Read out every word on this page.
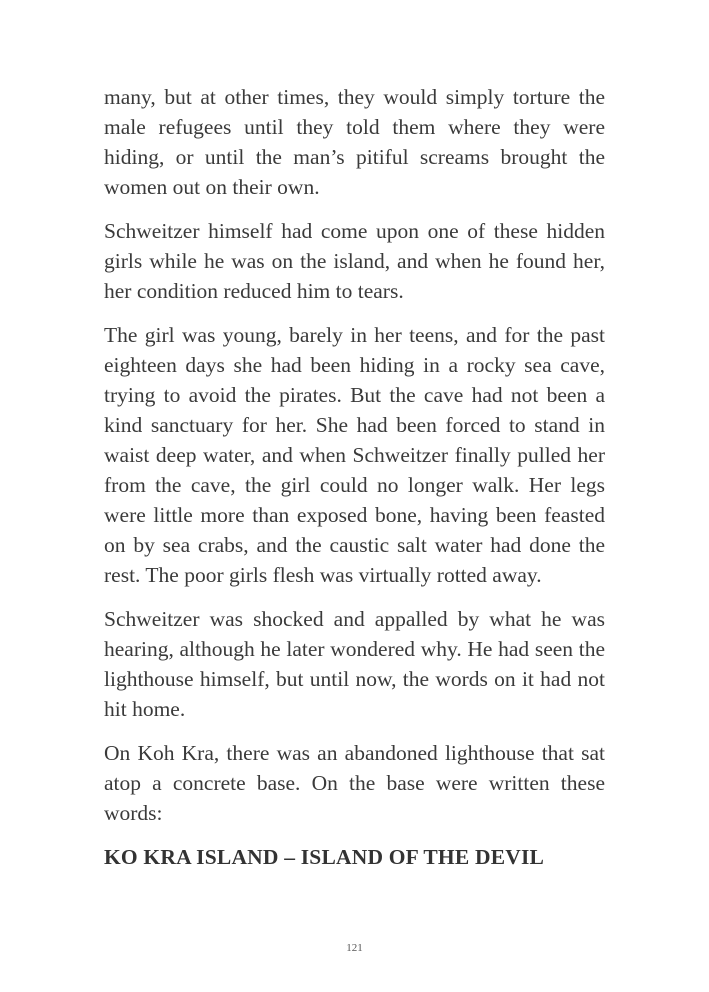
many, but at other times, they would simply torture the male refugees until they told them where they were hiding, or until the man’s pitiful screams brought the women out on their own.

Schweitzer himself had come upon one of these hidden girls while he was on the island, and when he found her, her condition reduced him to tears.

The girl was young, barely in her teens, and for the past eighteen days she had been hiding in a rocky sea cave, trying to avoid the pirates. But the cave had not been a kind sanctuary for her. She had been forced to stand in waist deep water, and when Schweitzer finally pulled her from the cave, the girl could no longer walk. Her legs were little more than exposed bone, having been feasted on by sea crabs, and the caustic salt water had done the rest. The poor girls flesh was virtually rotted away.

Schweitzer was shocked and appalled by what he was hearing, although he later wondered why. He had seen the lighthouse himself, but until now, the words on it had not hit home.

On Koh Kra, there was an abandoned lighthouse that sat atop a concrete base. On the base were written these words:

KO KRA ISLAND – ISLAND OF THE DEVIL
121
